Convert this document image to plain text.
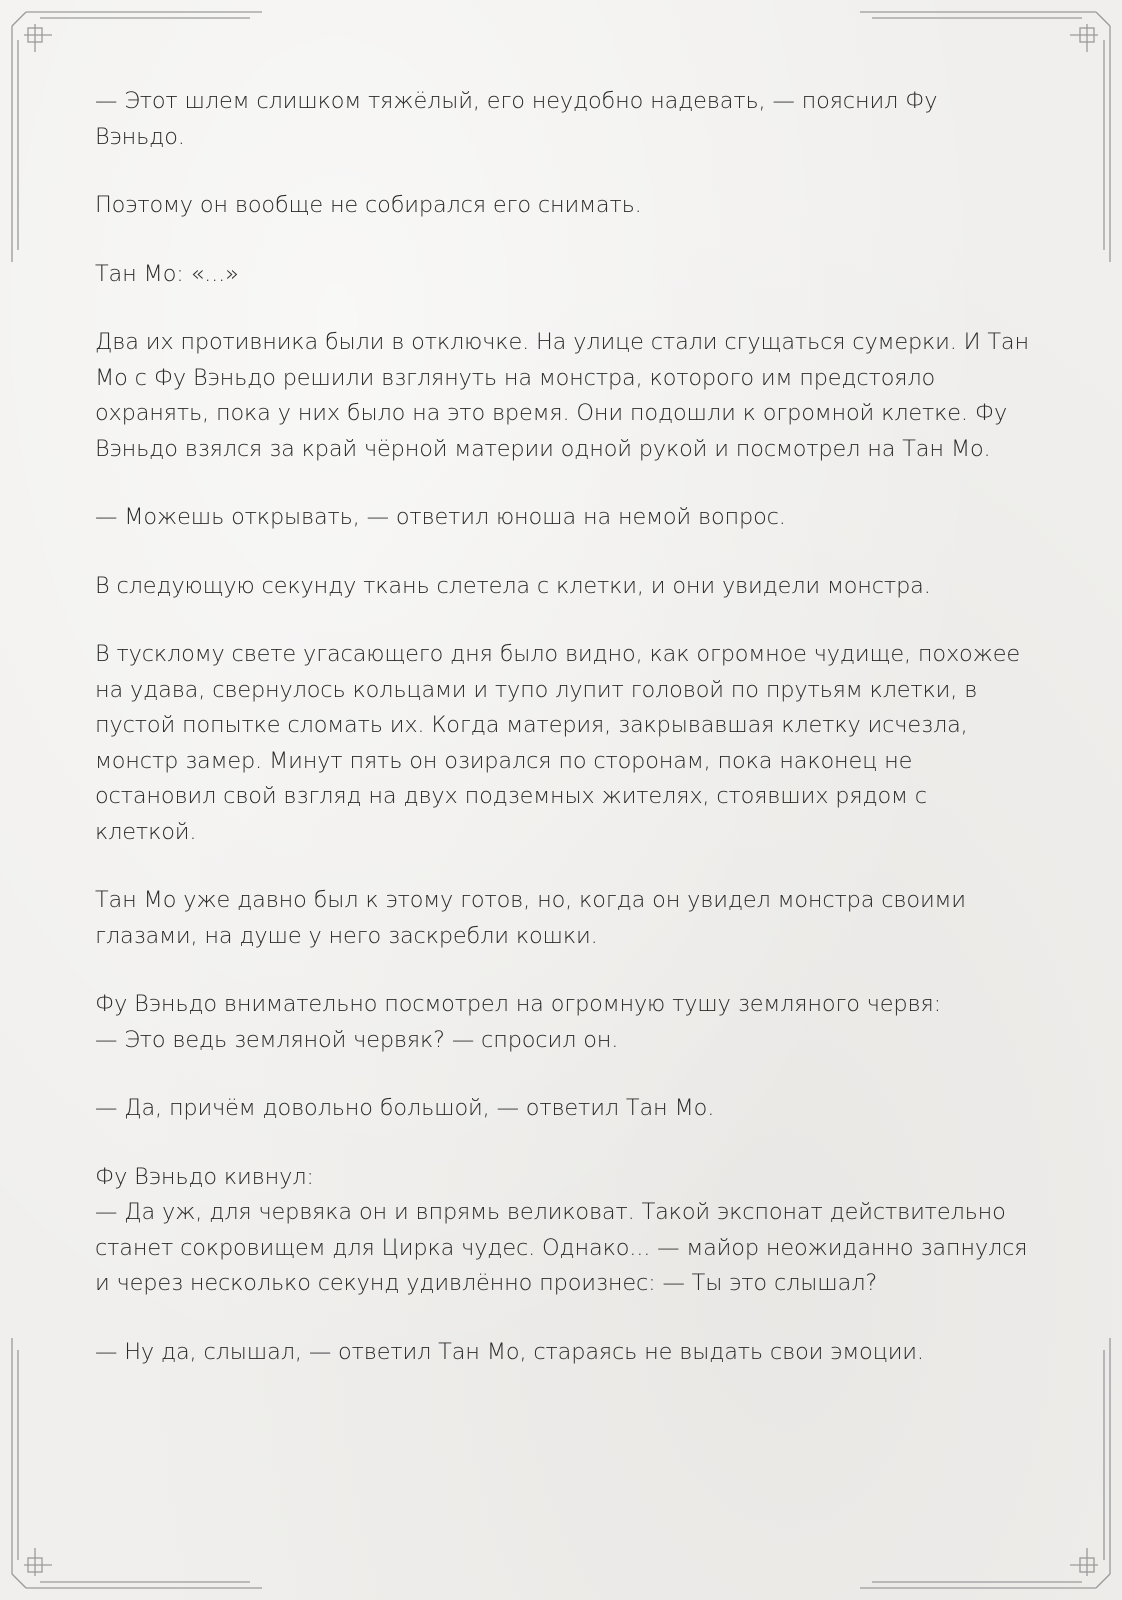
— Этот шлем слишком тяжёлый, его неудобно надевать, — пояснил Фу Вэньдо.

Поэтому он вообще не собирался его снимать.

Тан Мо: «...»

Два их противника были в отключке. На улице стали сгущаться сумерки. И Тан Мо с Фу Вэньдо решили взглянуть на монстра, которого им предстояло охранять, пока у них было на это время. Они подошли к огромной клетке. Фу Вэньдо взялся за край чёрной материи одной рукой и посмотрел на Тан Мо.

— Можешь открывать, — ответил юноша на немой вопрос.

В следующую секунду ткань слетела с клетки, и они увидели монстра.

В тусклому свете угасающего дня было видно, как огромное чудище, похожее на удава, свернулось кольцами и тупо лупит головой по прутьям клетки, в пустой попытке сломать их. Когда материя, закрывавшая клетку исчезла, монстр замер. Минут пять он озирался по сторонам, пока наконец не остановил свой взгляд на двух подземных жителях, стоявших рядом с клеткой.

Тан Мо уже давно был к этому готов, но, когда он увидел монстра своими глазами, на душе у него заскребли кошки.

Фу Вэньдо внимательно посмотрел на огромную тушу земляного червя:
— Это ведь земляной червяк? — спросил он.

— Да, причём довольно большой, — ответил Тан Мо.

Фу Вэньдо кивнул:
— Да уж, для червяка он и впрямь великоват. Такой экспонат действительно станет сокровищем для Цирка чудес. Однако... — майор неожиданно запнулся и через несколько секунд удивлённо произнес: — Ты это слышал?

— Ну да, слышал, — ответил Тан Мо, стараясь не выдать свои эмоции.
